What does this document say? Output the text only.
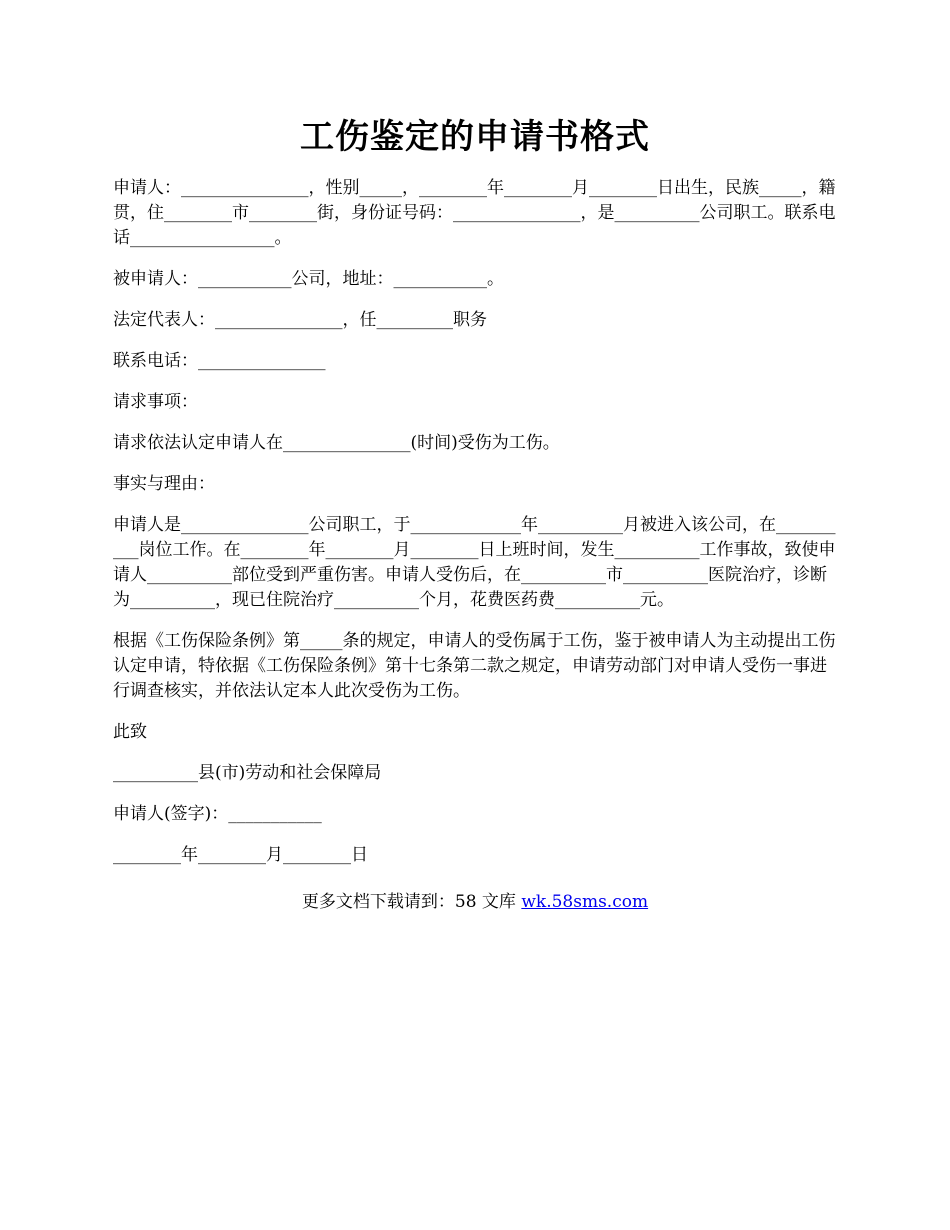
工伤鉴定的申请书格式

申请人：_______________，性别_____，________年________月________日出生，民族_____，籍贯，住________市________街，身份证号码：_______________，是__________公司职工。联系电话_________________。

被申请人：___________公司，地址：___________。

法定代表人：_______________，任_________职务

联系电话：_______________

请求事项：

请求依法认定申请人在_______________(时间)受伤为工伤。

事实与理由：

申请人是_______________公司职工，于_____________年__________月被进入该公司，在__________岗位工作。在________年________月________日上班时间，发生__________工作事故，致使申请人__________部位受到严重伤害。申请人受伤后，在__________市__________医院治疗，诊断为__________，现已住院治疗__________个月，花费医药费__________元。

根据《工伤保险条例》第_____条的规定，申请人的受伤属于工伤，鉴于被申请人为主动提出工伤认定申请，特依据《工伤保险条例》第十七条第二款之规定，申请劳动部门对申请人受伤一事进行调查核实，并依法认定本人此次受伤为工伤。

此致

__________县(市)劳动和社会保障局

申请人(签字)：___________

________年________月________日

更多文档下载请到：58 文库 wk.58sms.com
